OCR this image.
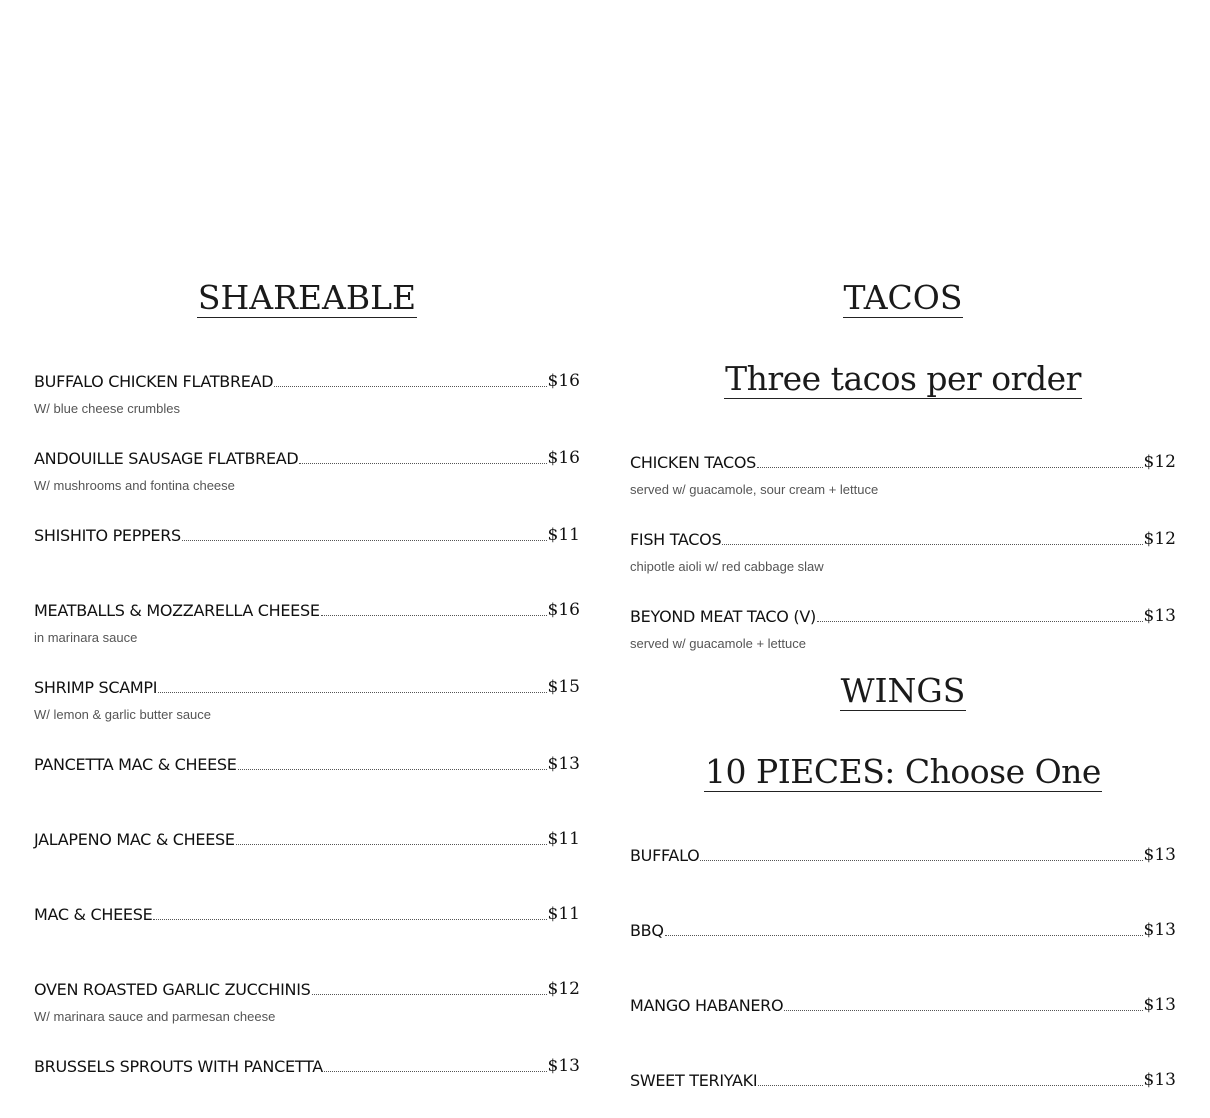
SHAREABLE
BUFFALO CHICKEN FLATBREAD	$16
W/ blue cheese crumbles
ANDOUILLE SAUSAGE FLATBREAD	$16
W/ mushrooms and fontina cheese
SHISHITO PEPPERS	$11
MEATBALLS & MOZZARELLA CHEESE	$16
in marinara sauce
SHRIMP SCAMPI	$15
W/ lemon & garlic butter sauce
PANCETTA MAC & CHEESE	$13
JALAPENO MAC & CHEESE	$11
MAC & CHEESE	$11
OVEN ROASTED GARLIC ZUCCHINIS	$12
W/ marinara sauce and parmesan cheese
BRUSSELS SPROUTS WITH PANCETTA	$13
TACOS
Three tacos per order
CHICKEN TACOS	$12
served w/ guacamole, sour cream + lettuce
FISH TACOS	$12
chipotle aioli w/ red cabbage slaw
BEYOND MEAT TACO (V)	$13
served w/ guacamole + lettuce
WINGS
10 PIECES: Choose One
BUFFALO	$13
BBQ	$13
MANGO HABANERO	$13
SWEET TERIYAKI	$13
